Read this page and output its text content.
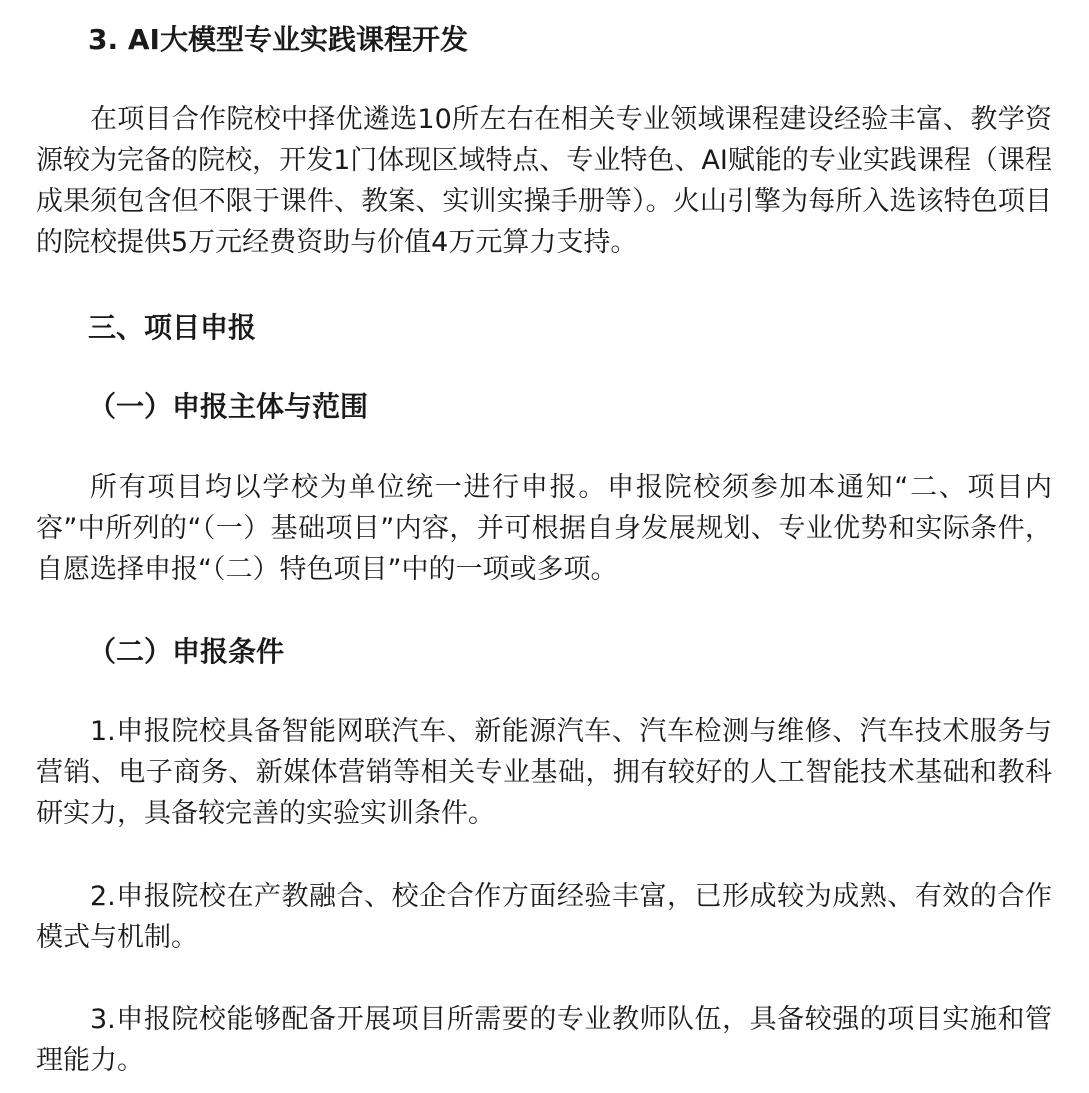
3. AI大模型专业实践课程开发

在项目合作院校中择优遴选10所左右在相关专业领域课程建设经验丰富、教学资源较为完备的院校，开发1门体现区域特点、专业特色、AI赋能的专业实践课程（课程成果须包含但不限于课件、教案、实训实操手册等）。火山引擎为每所入选该特色项目的院校提供5万元经费资助与价值4万元算力支持。

三、项目申报
（一）申报主体与范围

所有项目均以学校为单位统一进行申报。申报院校须参加本通知“二、项目内容”中所列的“（一）基础项目”内容，并可根据自身发展规划、专业优势和实际条件，自愿选择申报“（二）特色项目”中的一项或多项。

（二）申报条件

1.申报院校具备智能网联汽车、新能源汽车、汽车检测与维修、汽车技术服务与营销、电子商务、新媒体营销等相关专业基础，拥有较好的人工智能技术基础和教科研实力，具备较完善的实验实训条件。

2.申报院校在产教融合、校企合作方面经验丰富，已形成较为成熟、有效的合作模式与机制。

3.申报院校能够配备开展项目所需要的专业教师队伍，具备较强的项目实施和管理能力。
